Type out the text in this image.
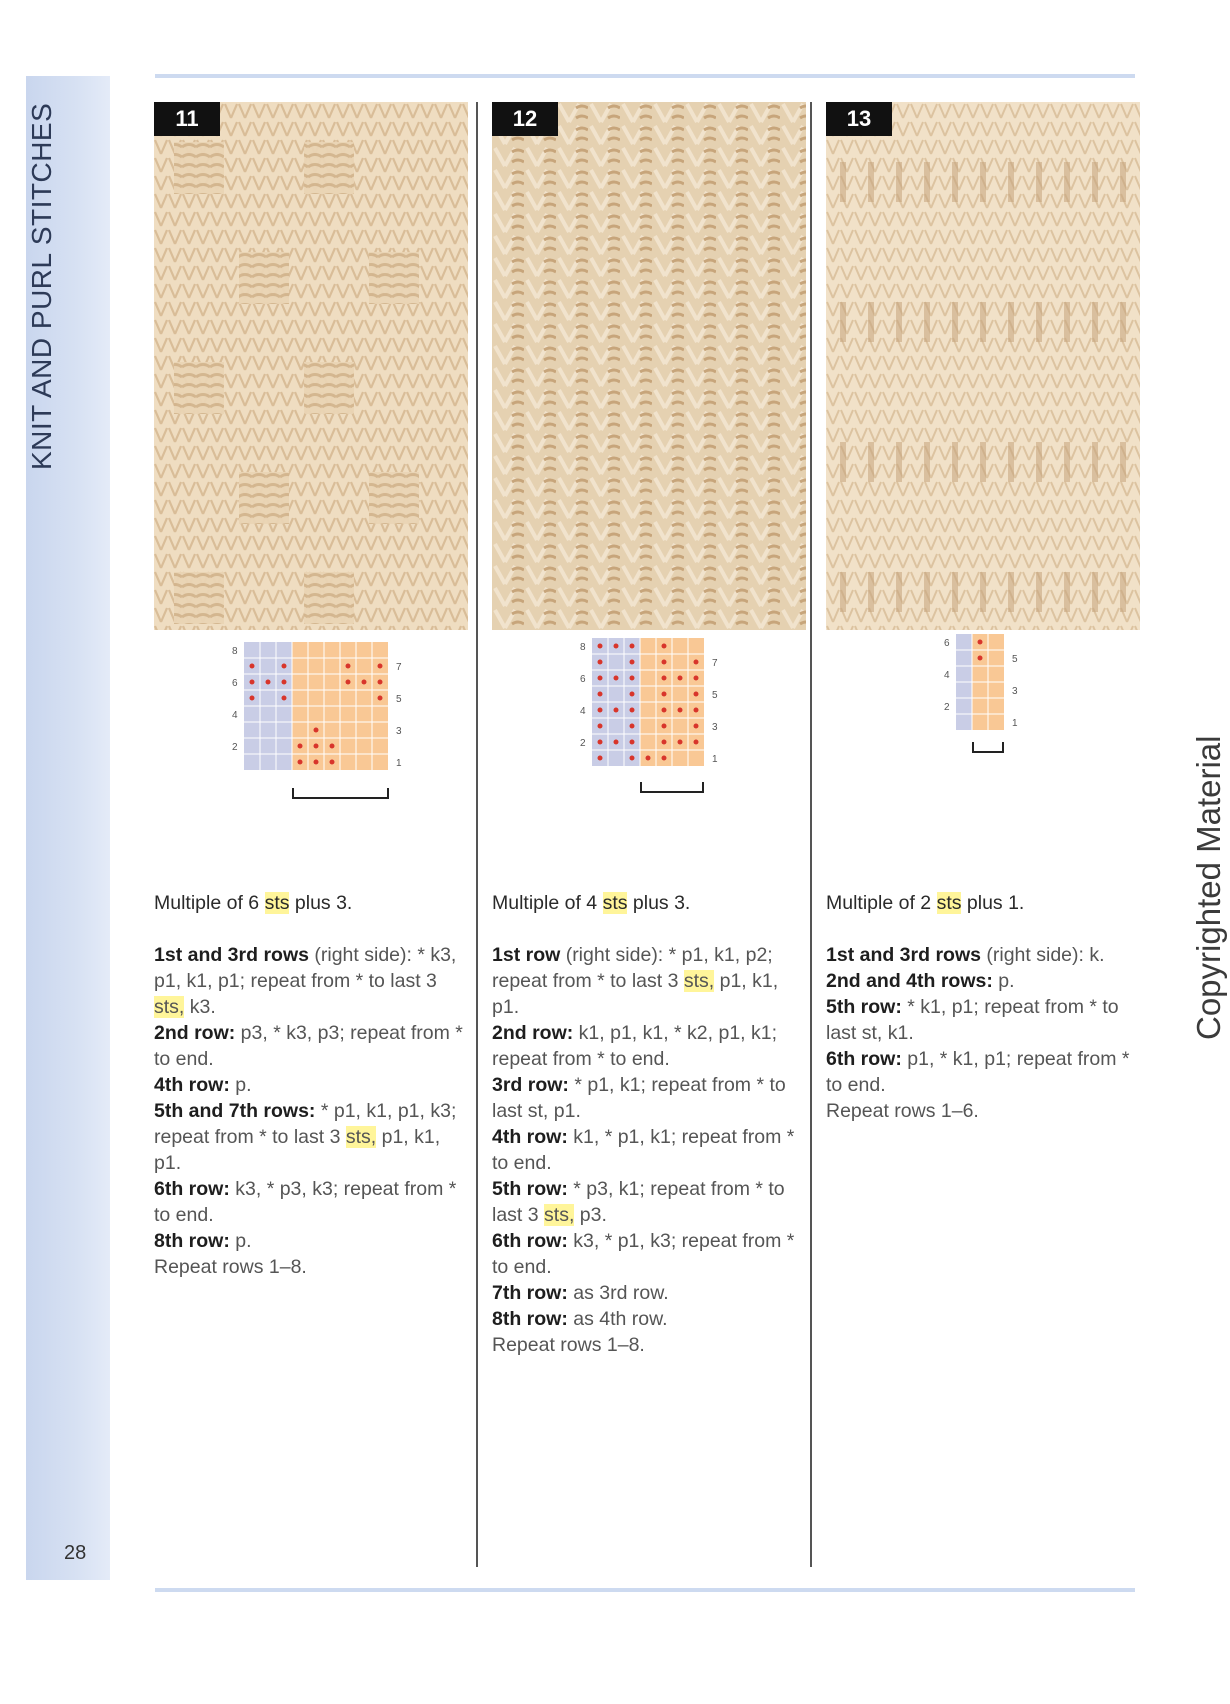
KNIT AND PURL STITCHES
28
Copyrighted Material
11
8
6
4
2
7
5
3
1

Multiple of 6 sts plus 3.

1st and 3rd rows (right side): * k3, p1, k1, p1; repeat from * to last 3 sts, k3.

2nd row: p3, * k3, p3; repeat from * to end.

4th row: p.

5th and 7th rows: * p1, k1, p1, k3; repeat from * to last 3 sts, p1, k1, p1.

6th row: k3, * p3, k3; repeat from * to end.

8th row: p.

Repeat rows 1–8.

12
8
6
4
2
7
5
3
1

Multiple of 4 sts plus 3.

1st row (right side): * p1, k1, p2; repeat from * to last 3 sts, p1, k1, p1.

2nd row: k1, p1, k1, * k2, p1, k1; repeat from * to end.

3rd row: * p1, k1; repeat from * to last st, p1.

4th row: k1, * p1, k1; repeat from * to end.

5th row: * p3, k1; repeat from * to last 3 sts, p3.

6th row: k3, * p1, k3; repeat from * to end.

7th row: as 3rd row.

8th row: as 4th row.

Repeat rows 1–8.

13
6
4
2
5
3
1

Multiple of 2 sts plus 1.

1st and 3rd rows (right side): k.

2nd and 4th rows: p.

5th row: * k1, p1; repeat from * to last st, k1.

6th row: p1, * k1, p1; repeat from * to end.

Repeat rows 1–6.
